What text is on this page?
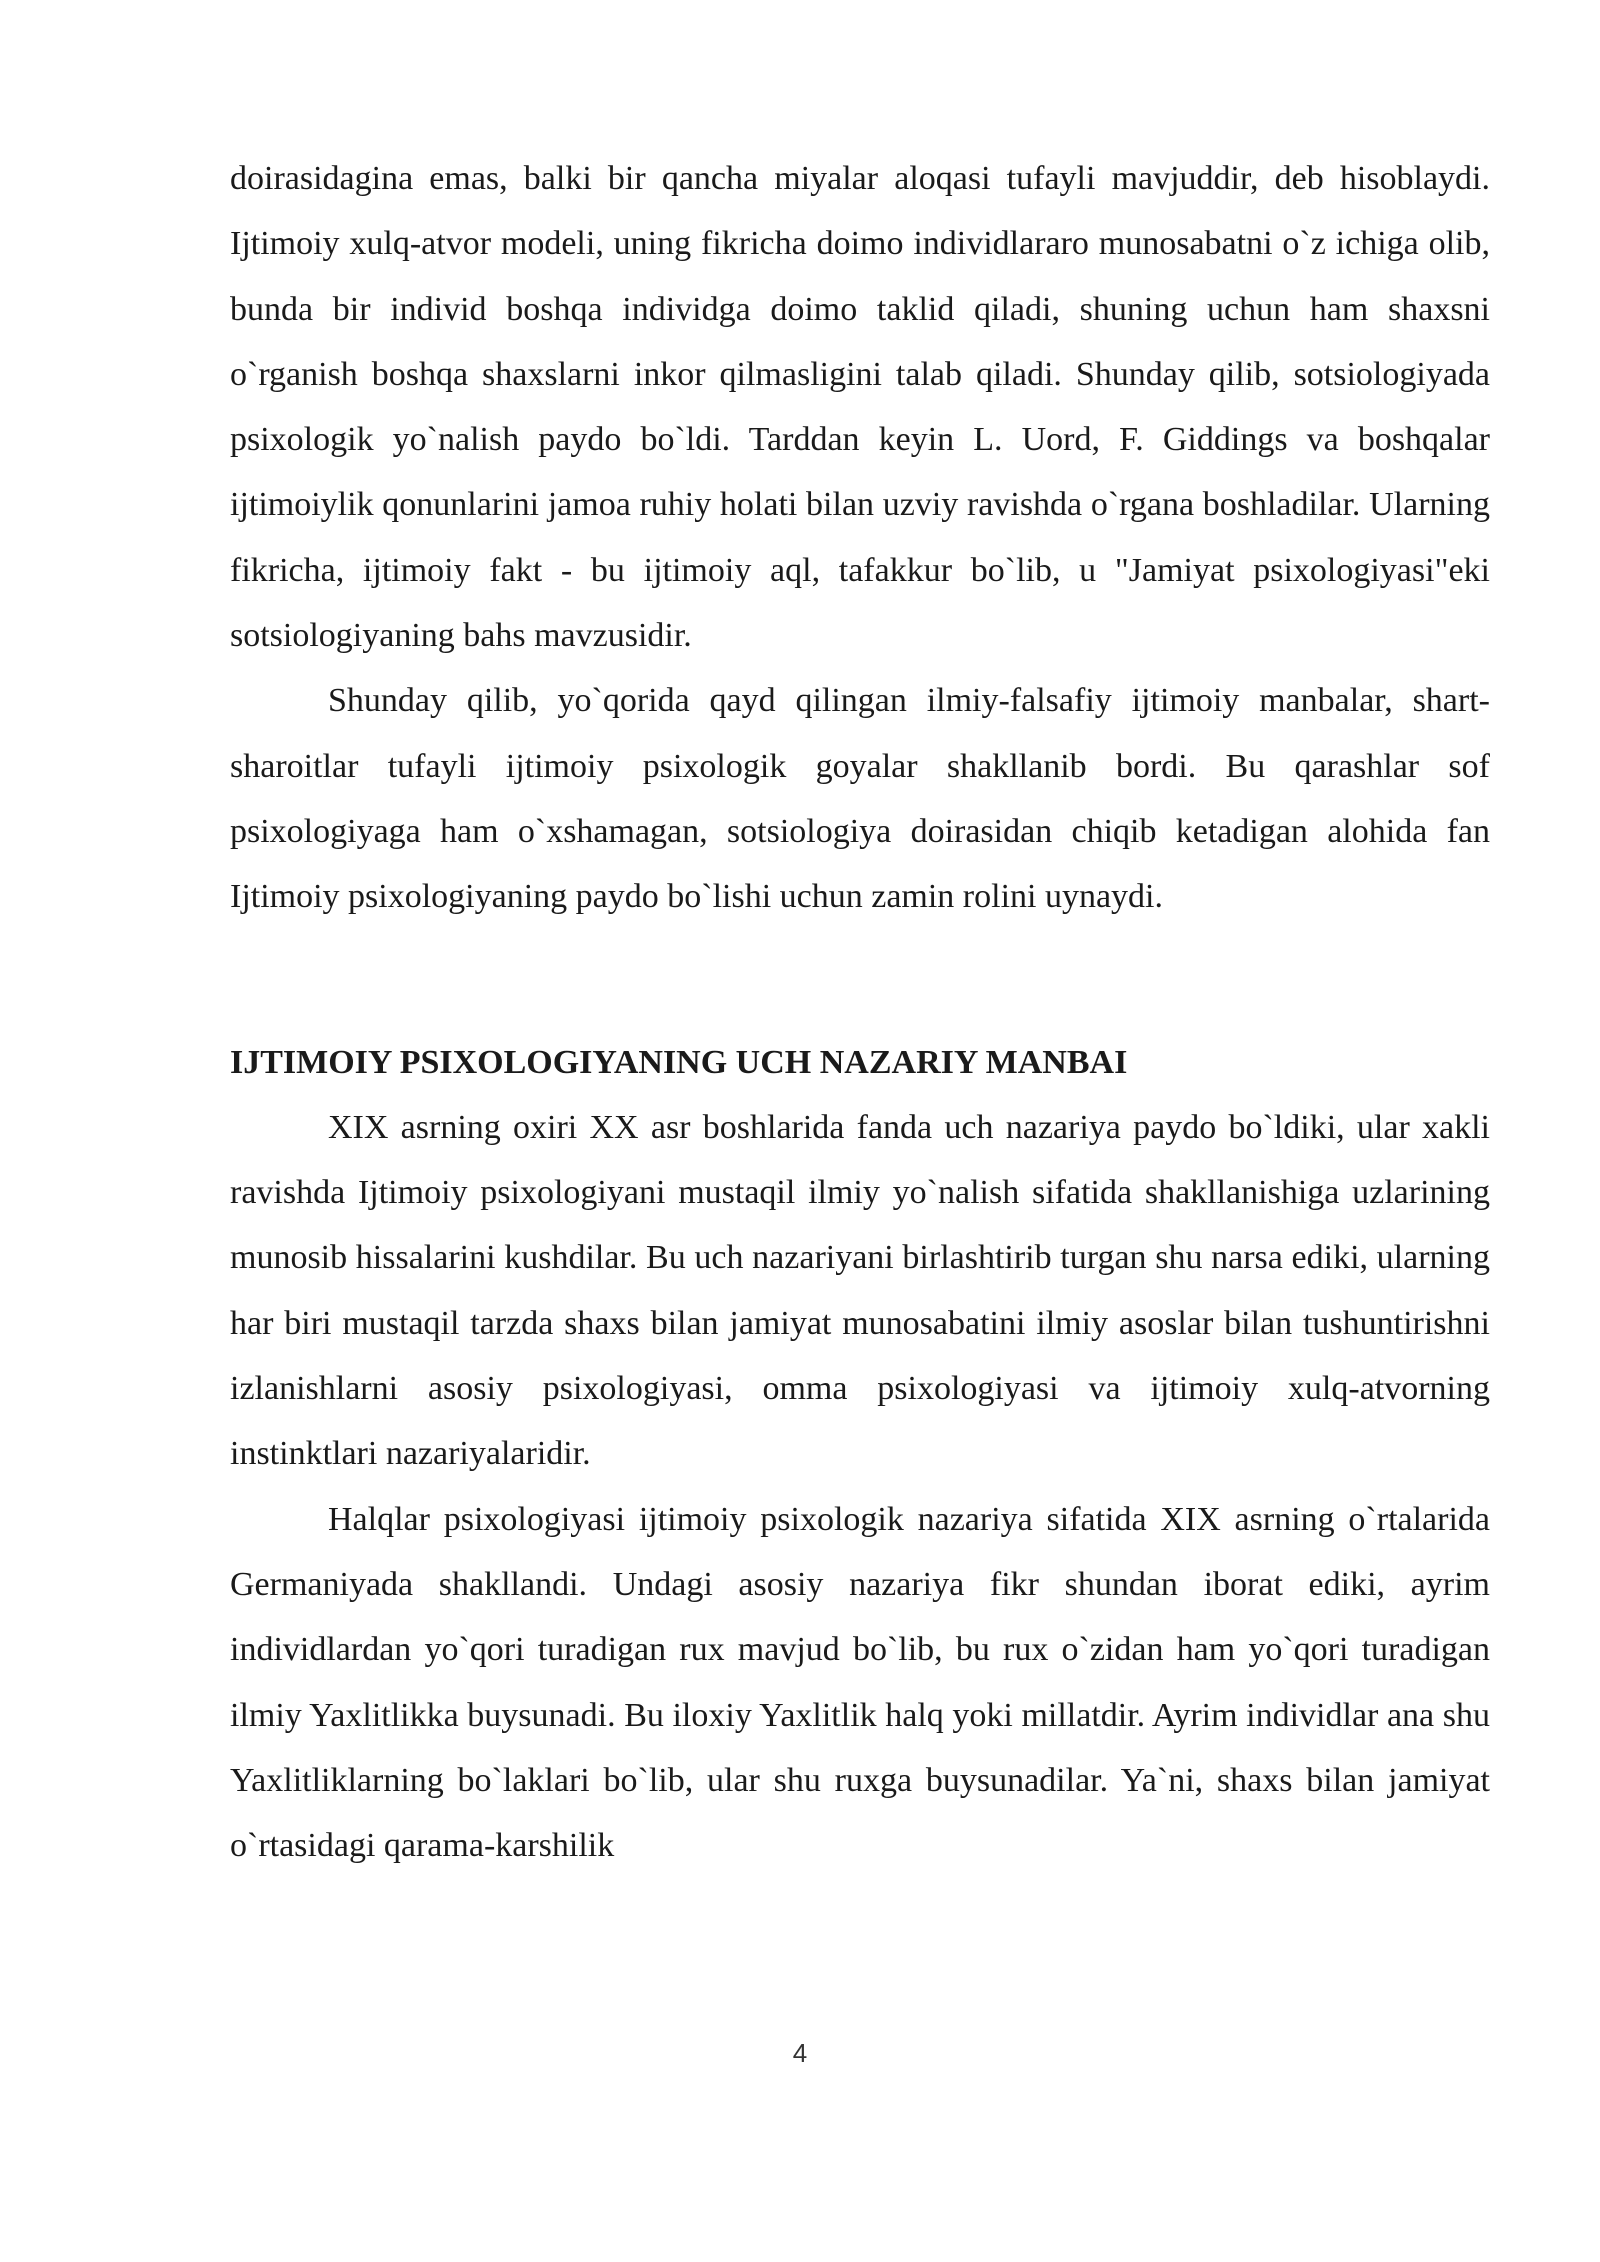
doirasidagina emas, balki bir qancha miyalar aloqasi tufayli mavjuddir, deb hisoblaydi. Ijtimoiy xulq-atvor modeli, uning fikricha doimo individlararo munosabatni o`z ichiga olib, bunda bir individ boshqa individga doimo taklid qiladi, shuning uchun ham shaxsni o`rganish boshqa shaxslarni inkor qilmasligini talab qiladi. Shunday qilib, sotsiologiyada psixologik yo`nalish paydo bo`ldi. Tarddan keyin L. Uord, F. Giddings va boshqalar ijtimoiylik qonunlarini jamoa ruhiy holati bilan uzviy ravishda o`rgana boshladilar. Ularning fikricha, ijtimoiy fakt - bu ijtimoiy aql, tafakkur bo`lib, u "Jamiyat psixologiyasi"eki sotsiologiyaning bahs mavzusidir.

Shunday qilib, yo`qorida qayd qilingan ilmiy-falsafiy ijtimoiy manbalar, shart-sharoitlar tufayli ijtimoiy psixologik goyalar shakllanib bordi. Bu qarashlar sof psixologiyaga ham o`xshamagan, sotsiologiya doirasidan chiqib ketadigan alohida fan Ijtimoiy psixologiyaning paydo bo`lishi uchun zamin rolini uynaydi.

IJTIMOIY PSIXOLOGIYANING UCH NAZARIY MANBAI

XIX asrning oxiri XX asr boshlarida fanda uch nazariya paydo bo`ldiki, ular xakli ravishda Ijtimoiy psixologiyani mustaqil ilmiy yo`nalish sifatida shakllanishiga uzlarining munosib hissalarini kushdilar. Bu uch nazariyani birlashtirib turgan shu narsa ediki, ularning har biri mustaqil tarzda shaxs bilan jamiyat munosabatini ilmiy asoslar bilan tushuntirishni izlanishlarni asosiy psixologiyasi, omma psixologiyasi va ijtimoiy xulq-atvorning instinktlari nazariyalaridir.

Halqlar psixologiyasi ijtimoiy psixologik nazariya sifatida XIX asrning o`rtalarida Germaniyada shakllandi. Undagi asosiy nazariya fikr shundan iborat ediki, ayrim individlardan yo`qori turadigan rux mavjud bo`lib, bu rux o`zidan ham yo`qori turadigan ilmiy Yaxlitlikka buysunadi. Bu iloxiy Yaxlitlik halq yoki millatdir. Ayrim individlar ana shu Yaxlitliklarning bo`laklari bo`lib, ular shu ruxga buysunadilar. Ya`ni, shaxs bilan jamiyat o`rtasidagi qarama-karshilik

4
